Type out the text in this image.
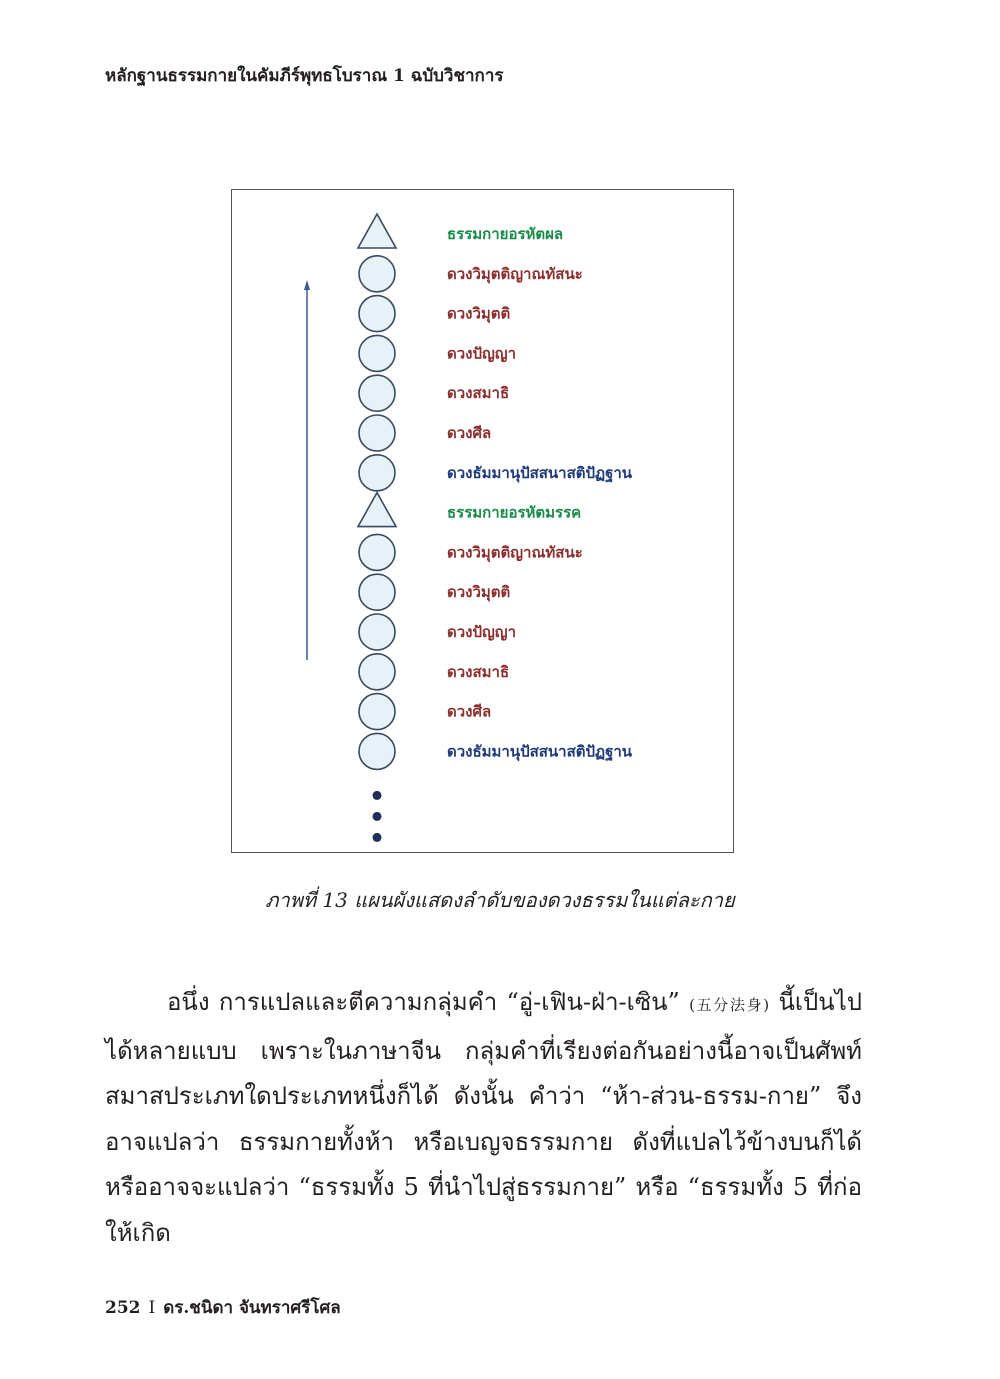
หลักฐานธรรมกายในคัมภีร์พุทธโบราณ 1 ฉบับวิชาการ
ธรรมกายอรหัตผล
ดวงวิมุตติญาณทัสนะ
ดวงวิมุตติ
ดวงปัญญา
ดวงสมาธิ
ดวงศีล
ดวงธัมมานุปัสสนาสติปัฏฐาน
ธรรมกายอรหัตมรรค
ดวงวิมุตติญาณทัสนะ
ดวงวิมุตติ
ดวงปัญญา
ดวงสมาธิ
ดวงศีล
ดวงธัมมานุปัสสนาสติปัฏฐาน
ภาพที่ 13 แผนผังแสดงลำดับของดวงธรรมในแต่ละกาย

อนึ่ง การแปลและตีความกลุ่มคำ “อู่-เฟิน-ฝ่า-เซิน” (五分法身) นี้เป็นไปได้หลายแบบ เพราะในภาษาจีน กลุ่มคำที่เรียงต่อกันอย่างนี้อาจเป็นศัพท์สมาสประเภทใดประเภทหนึ่งก็ได้ ดังนั้น คำว่า “ห้า-ส่วน-ธรรม-กาย” จึงอาจแปลว่า ธรรมกายทั้งห้า หรือเบญจธรรมกาย ดังที่แปลไว้ข้างบนก็ได้ หรืออาจจะแปลว่า “ธรรมทั้ง 5 ที่นำไปสู่ธรรมกาย” หรือ “ธรรมทั้ง 5 ที่ก่อให้เกิด

252 I ดร.ชนิดา จันทราศรีโศล
